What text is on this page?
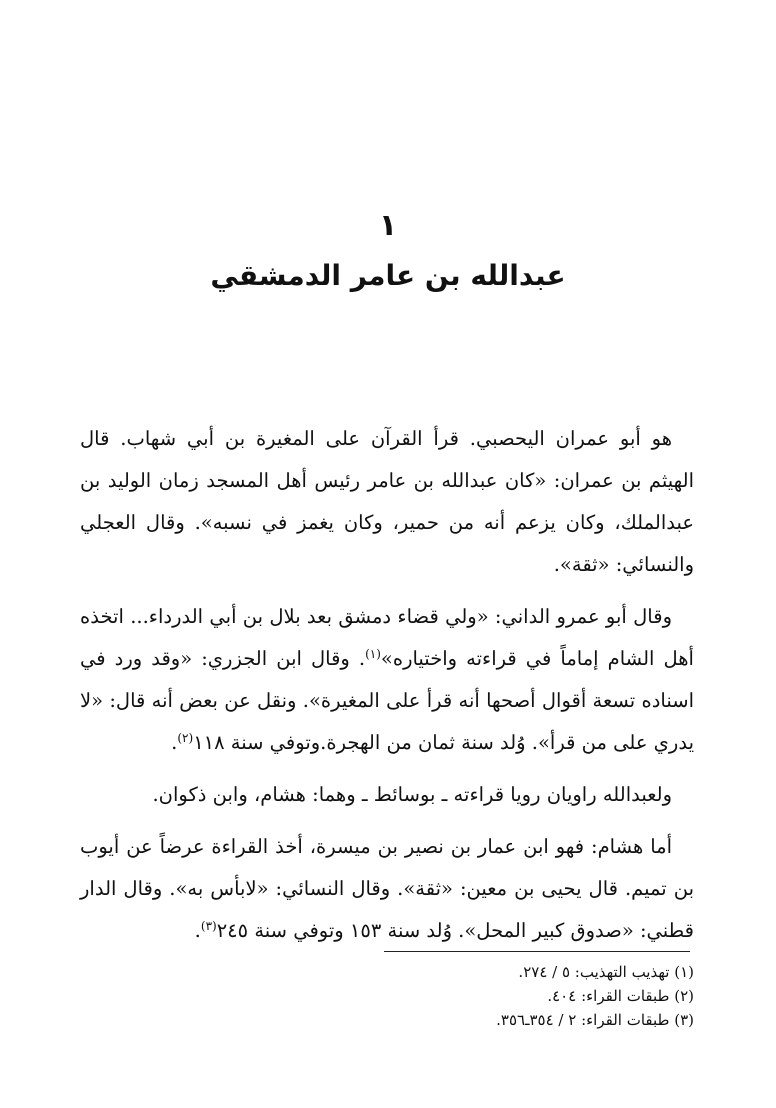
١
عبدالله بن عامر الدمشقي

هو أبو عمران اليحصبي. قرأ القرآن على المغيرة بن أبي شهاب. قال الهيثم بن عمران: «كان عبدالله بن عامر رئيس أهل المسجد زمان الوليد بن عبدالملك، وكان يزعم أنه من حمير، وكان يغمز في نسبه». وقال العجلي والنسائي: «ثقة».

وقال أبو عمرو الداني: «ولي قضاء دمشق بعد بلال بن أبي الدرداء... اتخذه أهل الشام إماماً في قراءته واختياره»$^{(١)}$. وقال ابن الجزري: «وقد ورد في اسناده تسعة أقوال أصحها أنه قرأ على المغيرة». ونقل عن بعض أنه قال: «لا يدري على من قرأ». وُلد سنة ثمان من الهجرة.وتوفي سنة ١١٨$^{(٢)}$.

ولعبدالله راويان رويا قراءته ـ بوسائط ـ وهما: هشام، وابن ذكوان.

أما هشام: فهو ابن عمار بن نصير بن ميسرة، أخذ القراءة عرضاً عن أيوب بن تميم. قال يحيى بن معين: «ثقة». وقال النسائي: «لابأس به». وقال الدار قطني: «صدوق كبير المحل». وُلد سنة ١٥٣ وتوفي سنة ٢٤٥$^{(٣)}$.

(١) تهذيب التهذيب: ٥ / ٢٧٤.
(٢) طبقات القراء: ٤٠٤.
(٣) طبقات القراء: ٢ / ٣٥٤ـ٣٥٦.
